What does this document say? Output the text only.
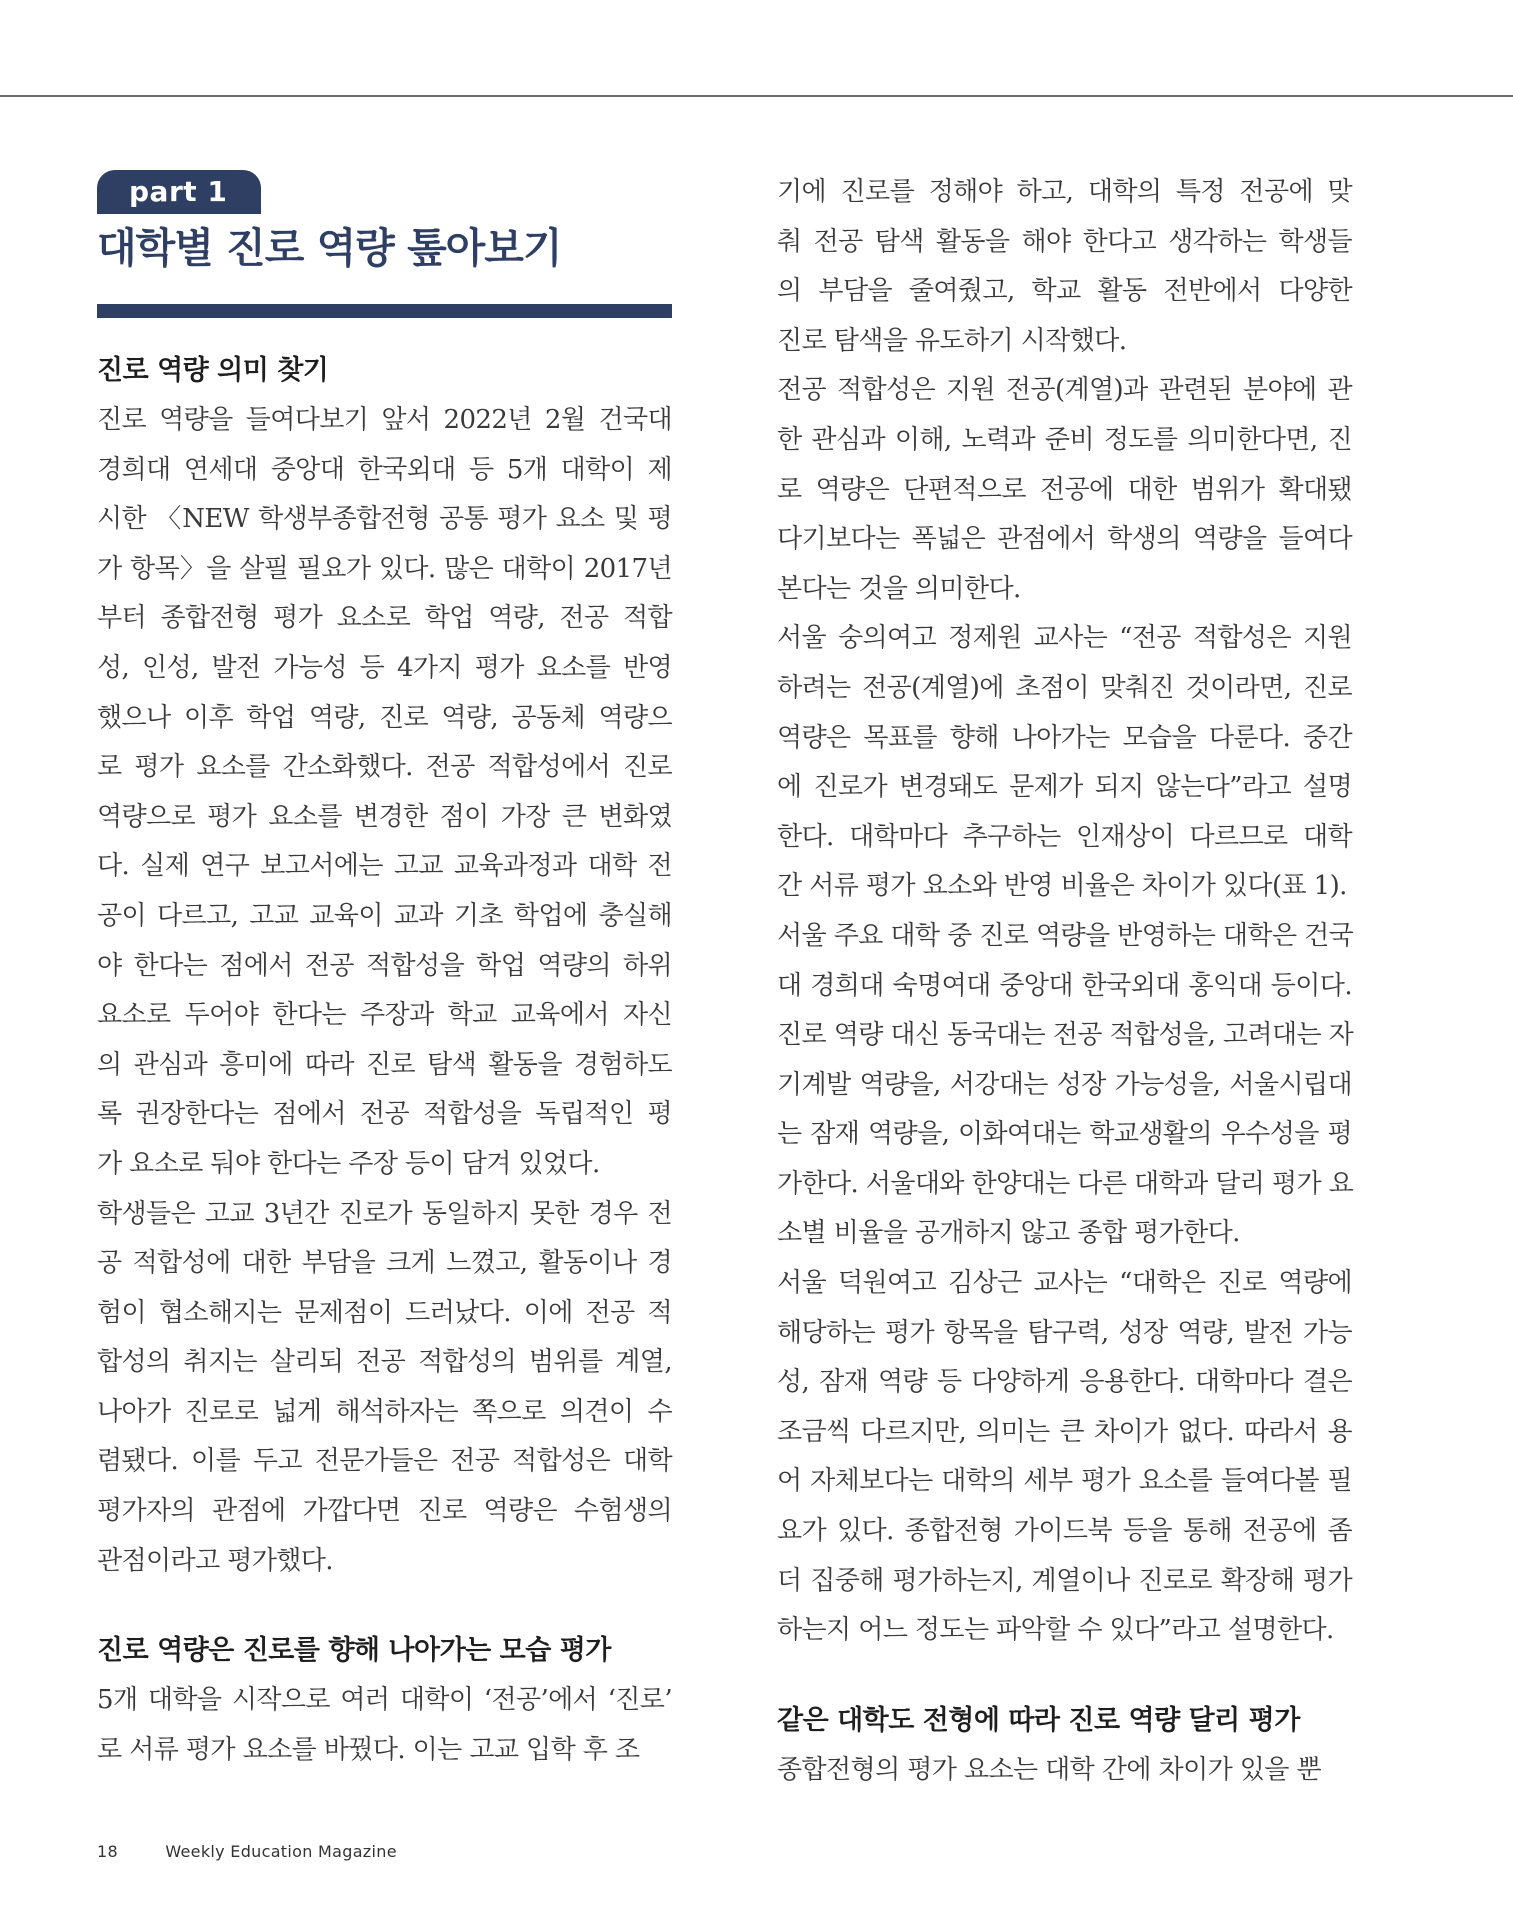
part 1
대학별 진로 역량 톺아보기
진로 역량 의미 찾기
진로 역량을 들여다보기 앞서 2022년 2월 건국대
경희대 연세대 중앙대 한국외대 등 5개 대학이 제
시한 〈NEW 학생부종합전형 공통 평가 요소 및 평
가 항목〉을 살필 필요가 있다. 많은 대학이 2017년
부터 종합전형 평가 요소로 학업 역량, 전공 적합
성, 인성, 발전 가능성 등 4가지 평가 요소를 반영
했으나 이후 학업 역량, 진로 역량, 공동체 역량으
로 평가 요소를 간소화했다. 전공 적합성에서 진로
역량으로 평가 요소를 변경한 점이 가장 큰 변화였
다. 실제 연구 보고서에는 고교 교육과정과 대학 전
공이 다르고, 고교 교육이 교과 기초 학업에 충실해
야 한다는 점에서 전공 적합성을 학업 역량의 하위
요소로 두어야 한다는 주장과 학교 교육에서 자신
의 관심과 흥미에 따라 진로 탐색 활동을 경험하도
록 권장한다는 점에서 전공 적합성을 독립적인 평
가 요소로 둬야 한다는 주장 등이 담겨 있었다.
학생들은 고교 3년간 진로가 동일하지 못한 경우 전
공 적합성에 대한 부담을 크게 느꼈고, 활동이나 경
험이 협소해지는 문제점이 드러났다. 이에 전공 적
합성의 취지는 살리되 전공 적합성의 범위를 계열,
나아가 진로로 넓게 해석하자는 쪽으로 의견이 수
렴됐다. 이를 두고 전문가들은 전공 적합성은 대학
평가자의 관점에 가깝다면 진로 역량은 수험생의
관점이라고 평가했다.
진로 역량은 진로를 향해 나아가는 모습 평가
5개 대학을 시작으로 여러 대학이 ‘전공’에서 ‘진로’
로 서류 평가 요소를 바꿨다. 이는 고교 입학 후 조
기에 진로를 정해야 하고, 대학의 특정 전공에 맞
춰 전공 탐색 활동을 해야 한다고 생각하는 학생들
의 부담을 줄여줬고, 학교 활동 전반에서 다양한
진로 탐색을 유도하기 시작했다.
전공 적합성은 지원 전공(계열)과 관련된 분야에 관
한 관심과 이해, 노력과 준비 정도를 의미한다면, 진
로 역량은 단편적으로 전공에 대한 범위가 확대됐
다기보다는 폭넓은 관점에서 학생의 역량을 들여다
본다는 것을 의미한다.
서울 숭의여고 정제원 교사는 “전공 적합성은 지원
하려는 전공(계열)에 초점이 맞춰진 것이라면, 진로
역량은 목표를 향해 나아가는 모습을 다룬다. 중간
에 진로가 변경돼도 문제가 되지 않는다”라고 설명
한다. 대학마다 추구하는 인재상이 다르므로 대학
간 서류 평가 요소와 반영 비율은 차이가 있다(표 1).
서울 주요 대학 중 진로 역량을 반영하는 대학은 건국
대 경희대 숙명여대 중앙대 한국외대 홍익대 등이다.
진로 역량 대신 동국대는 전공 적합성을, 고려대는 자
기계발 역량을, 서강대는 성장 가능성을, 서울시립대
는 잠재 역량을, 이화여대는 학교생활의 우수성을 평
가한다. 서울대와 한양대는 다른 대학과 달리 평가 요
소별 비율을 공개하지 않고 종합 평가한다.
서울 덕원여고 김상근 교사는 “대학은 진로 역량에
해당하는 평가 항목을 탐구력, 성장 역량, 발전 가능
성, 잠재 역량 등 다양하게 응용한다. 대학마다 결은
조금씩 다르지만, 의미는 큰 차이가 없다. 따라서 용
어 자체보다는 대학의 세부 평가 요소를 들여다볼 필
요가 있다. 종합전형 가이드북 등을 통해 전공에 좀
더 집중해 평가하는지, 계열이나 진로로 확장해 평가
하는지 어느 정도는 파악할 수 있다”라고 설명한다.
같은 대학도 전형에 따라 진로 역량 달리 평가
종합전형의 평가 요소는 대학 간에 차이가 있을 뿐
18	Weekly Education Magazine
